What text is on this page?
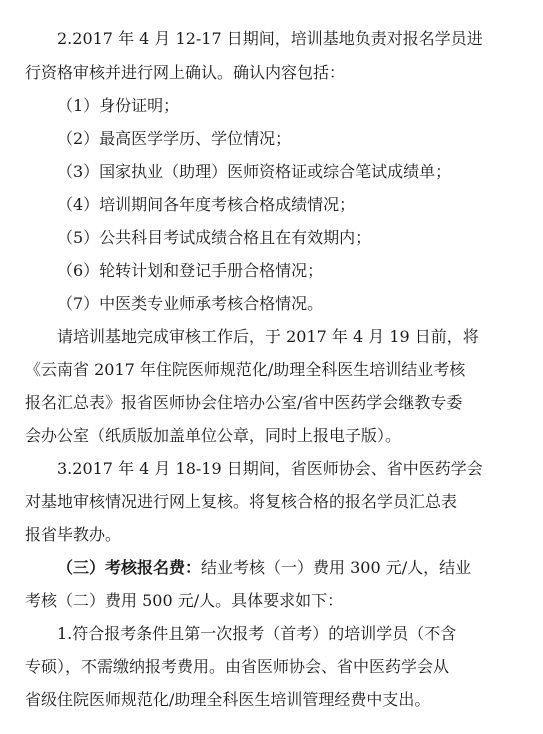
2.2017 年 4 月 12-17 日期间，培训基地负责对报名学员进
行资格审核并进行网上确认。确认内容包括：
（1）身份证明；
（2）最高医学学历、学位情况；
（3）国家执业（助理）医师资格证或综合笔试成绩单；
（4）培训期间各年度考核合格成绩情况；
（5）公共科目考试成绩合格且在有效期内；
（6）轮转计划和登记手册合格情况；
（7）中医类专业师承考核合格情况。
请培训基地完成审核工作后，于 2017 年 4 月 19 日前，将
《云南省 2017 年住院医师规范化/助理全科医生培训结业考核
报名汇总表》报省医师协会住培办公室/省中医药学会继教专委
会办公室（纸质版加盖单位公章，同时上报电子版）。
3.2017 年 4 月 18-19 日期间，省医师协会、省中医药学会
对基地审核情况进行网上复核。将复核合格的报名学员汇总表
报省毕教办。
（三）考核报名费：结业考核（一）费用 300 元/人，结业
考核（二）费用 500 元/人。具体要求如下：
1.符合报考条件且第一次报考（首考）的培训学员（不含
专硕），不需缴纳报考费用。由省医师协会、省中医药学会从
省级住院医师规范化/助理全科医生培训管理经费中支出。
